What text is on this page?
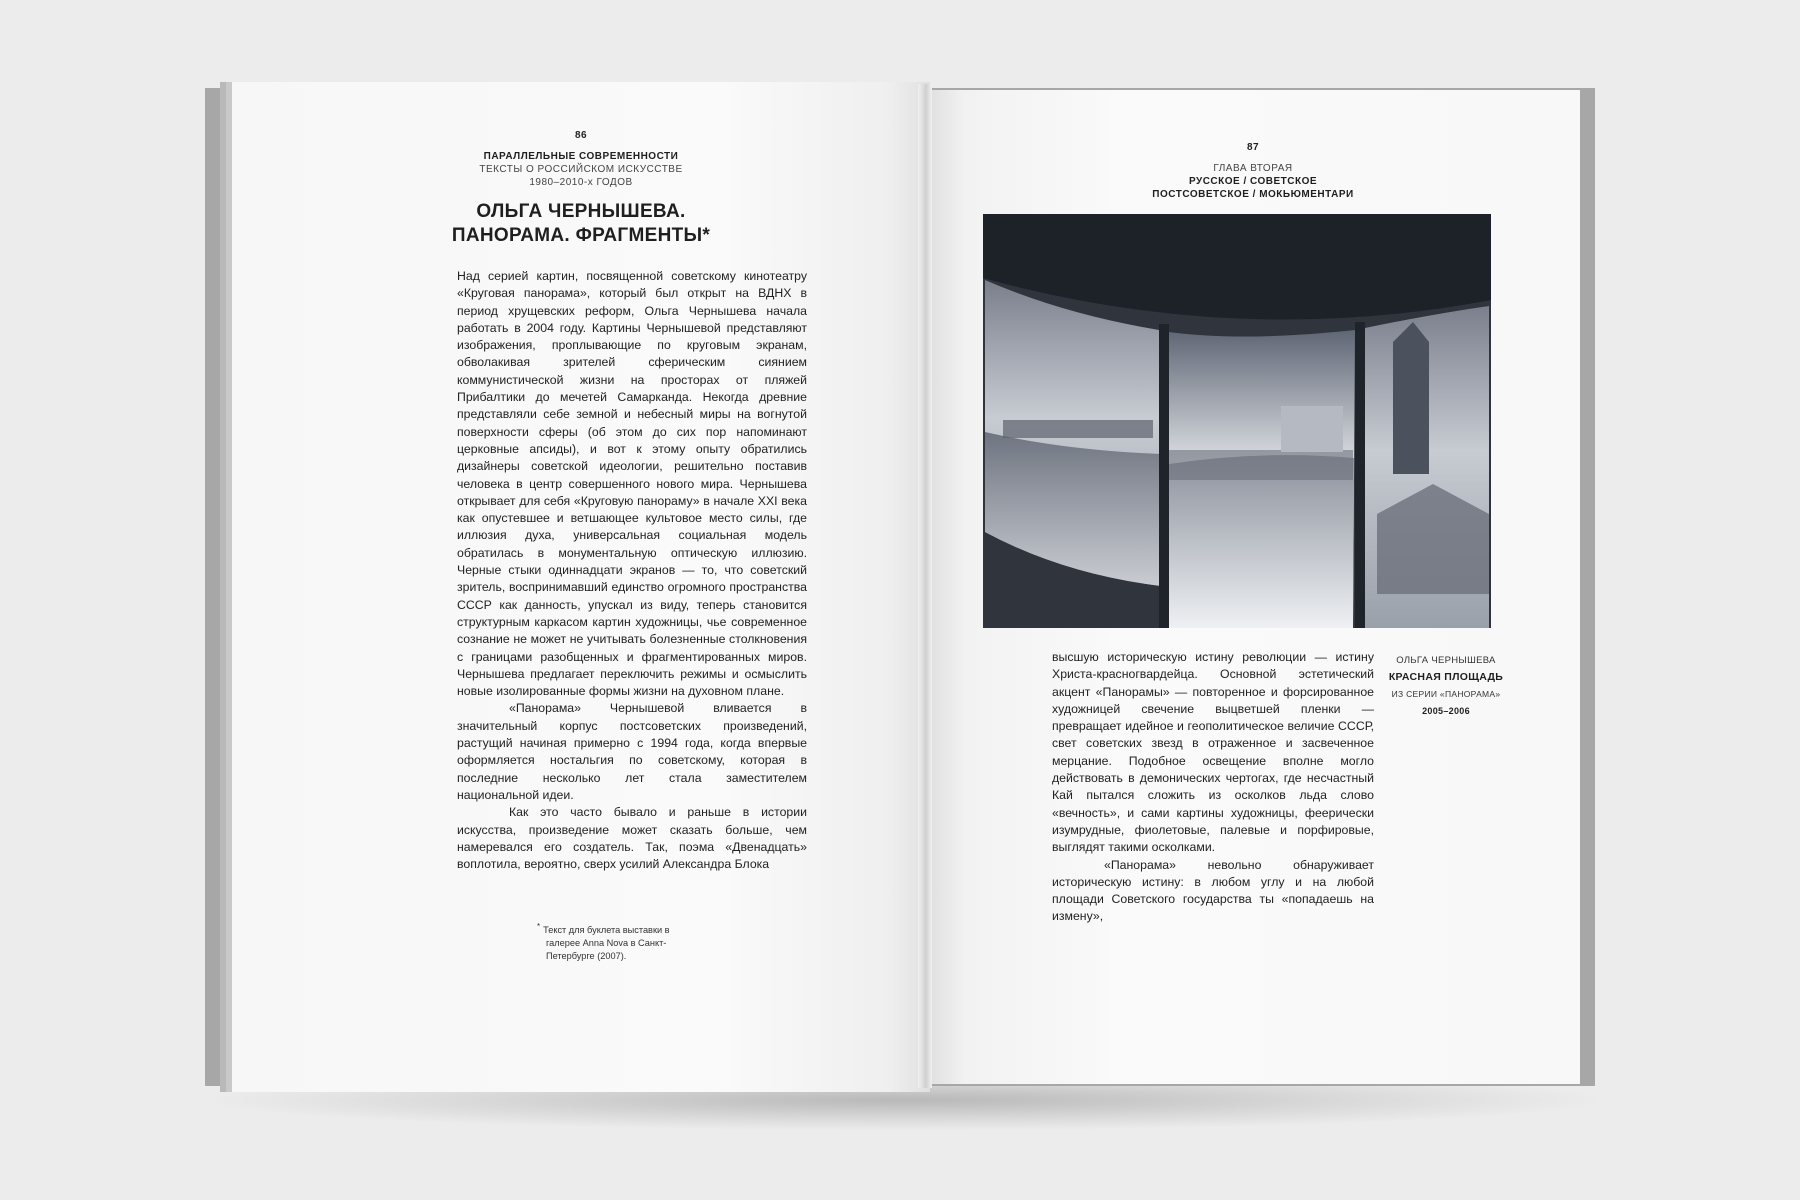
86
ПАРАЛЛЕЛЬНЫЕ СОВРЕМЕННОСТИ
ТЕКСТЫ О РОССИЙСКОМ ИСКУССТВЕ
1980–2010-х ГОДОВ
ОЛЬГА ЧЕРНЫШЕВА.
ПАНОРАМА. ФРАГМЕНТЫ*

Над серией картин, посвященной советскому кинотеатру «Круговая панорама», который был открыт на ВДНХ в период хрущевских реформ, Ольга Чернышева начала работать в 2004 году. Картины Чернышевой представляют изображения, проплывающие по круговым экранам, обволакивая зрителей сферическим сиянием коммунистической жизни на просторах от пляжей Прибалтики до мечетей Самарканда. Некогда древние представляли себе земной и небесный миры на вогнутой поверхности сферы (об этом до сих пор напоминают церковные апсиды), и вот к этому опыту обратились дизайнеры советской идеологии, решительно поставив человека в центр совершенного нового мира. Чернышева открывает для себя «Круговую панораму» в начале XXI века как опустевшее и ветшающее культовое место силы, где иллюзия духа, универсальная социальная модель обратилась в монументальную оптическую иллюзию. Черные стыки одиннадцати экранов — то, что советский зритель, воспринимавший единство огромного пространства СССР как данность, упускал из виду, теперь становится структурным каркасом картин художницы, чье современное сознание не может не учитывать болезненные столкновения с границами разобщенных и фрагментированных миров. Чернышева предлагает переключить режимы и осмыслить новые изолированные формы жизни на духовном плане.

«Панорама» Чернышевой вливается в значительный корпус постсоветских произведений, растущий начиная примерно с 1994 года, когда впервые оформляется ностальгия по советскому, которая в последние несколько лет стала заместителем национальной идеи.

Как это часто бывало и раньше в истории искусства, произведение может сказать больше, чем намеревался его создатель. Так, поэма «Двенадцать» воплотила, вероятно, сверх усилий Александра Блока

* Текст для буклета выставки в галерее Anna Nova в Санкт-Петербурге (2007).
87
ГЛАВА ВТОРАЯ
РУССКОЕ / СОВЕТСКОЕ
ПОСТСОВЕТСКОЕ / МОКЬЮМЕНТАРИ

высшую историческую истину революции — истину Христа-красногвардейца. Основной эстетический акцент «Панорамы» — повторенное и форсированное художницей свечение выцветшей пленки — превращает идейное и геополитическое величие СССР, свет советских звезд в отраженное и засвеченное мерцание. Подобное освещение вполне могло действовать в демонических чертогах, где несчастный Кай пытался сложить из осколков льда слово «вечность», и сами картины художницы, феерически изумрудные, фиолетовые, палевые и порфировые, выглядят такими осколками.

«Панорама» невольно обнаруживает историческую истину: в любом углу и на любой площади Советского государства ты «попадаешь на измену»,

ОЛЬГА ЧЕРНЫШЕВА
КРАСНАЯ ПЛОЩАДЬ
ИЗ СЕРИИ «ПАНОРАМА»
2005–2006
